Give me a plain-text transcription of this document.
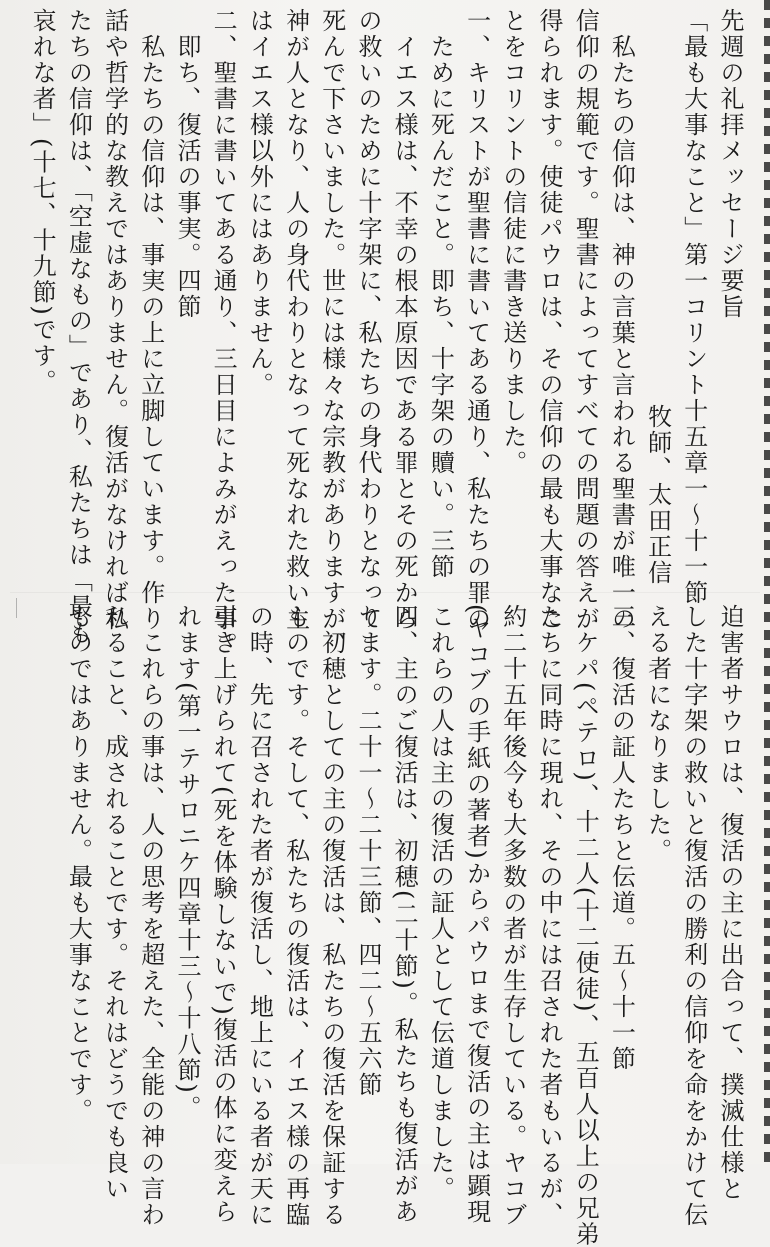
先週の礼拝メッセージ要旨

「最も大事なこと」第一コリント十五章一～十一節

牧師、太田正信

　私たちの信仰は、神の言葉と言われる聖書が唯一の

信仰の規範です。聖書によってすべての問題の答えが

得られます。使徒パウロは、その信仰の最も大事なこ

とをコリントの信徒に書き送りました。

一、キリストが聖書に書いてある通り、私たちの罪の

　ために死んだこと。即ち、十字架の贖い。三節

　イエス様は、不幸の根本原因である罪とその死から

の救いのために十字架に、私たちの身代わりとなって

死んで下さいました。世には様々な宗教がありますが、

神が人となり、人の身代わりとなって死なれた救い主

はイエス様以外にはありません。

二、聖書に書いてある通り、三日目によみがえった事。

　即ち、復活の事実。四節

　私たちの信仰は、事実の上に立脚しています。作り

話や哲学的な教えではありません。復活がなければ私

たちの信仰は、「空虚なもの」であり、私たちは「最も

哀れな者」(十七、十九節)です。

迫害者サウロは、復活の主に出合って、撲滅仕様と

した十字架の救いと復活の勝利の信仰を命をかけて伝

える者になりました。

三、復活の証人たちと伝道。五～十一節

　ケパ(ペテロ)、十二人(十二使徒)、五百人以上の兄弟

たちに同時に現れ、その中には召された者もいるが、

約二十五年後今も大多数の者が生存している。ヤコブ

(ヤコブの手紙の著者)からパウロまで復活の主は顕現

これらの人は主の復活の証人として伝道しました。

四、主のご復活は、初穂(二十節)。私たちも復活があ

ります。二十一～二十三節、四二～五六節

　初穂としての主の復活は、私たちの復活を保証する

ものです。そして、私たちの復活は、イエス様の再臨

の時、先に召された者が復活し、地上にいる者が天に

引き上げられて(死を体験しないで)復活の体に変えら

れます(第一テサロニケ四章十三～十八節)。

　これらの事は、人の思考を超えた、全能の神の言わ

れること、成されることです。それはどうでも良い

ものではありません。最も大事なことです。
